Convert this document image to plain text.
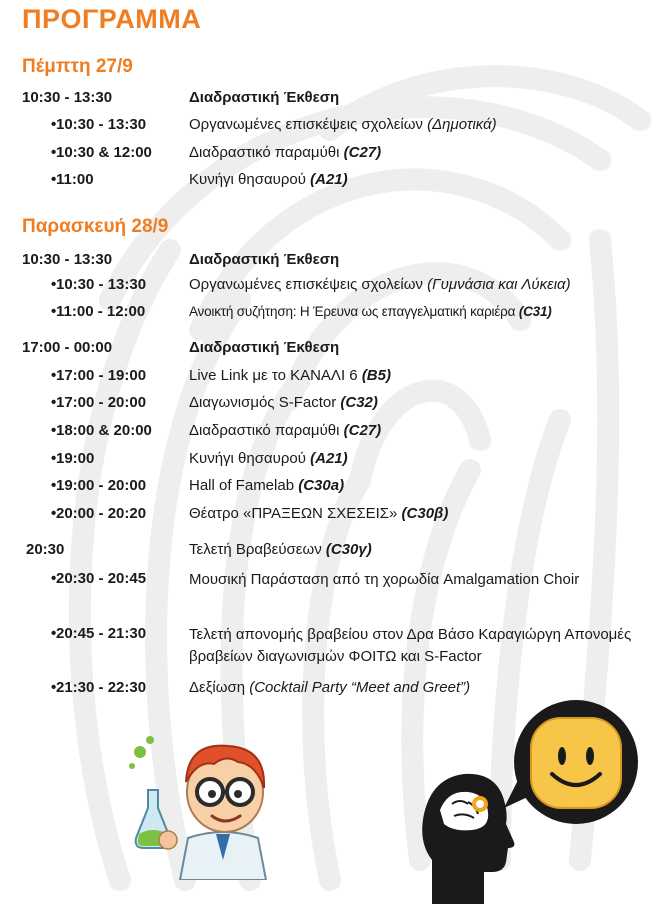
ΠΡΟΓΡΑΜΜΑ
Πέμπτη 27/9
10:30 - 13:30	Διαδραστική Έκθεση
• 10:30 - 13:30	Οργανωμένες επισκέψεις σχολείων (Δημοτικά)
• 10:30 & 12:00 Διαδραστικό παραμύθι (C27)
• 11:00	Κυνήγι θησαυρού (A21)
Παρασκευή 28/9
10:30 - 13:30	Διαδραστική Έκθεση
• 10:30 - 13:30	Οργανωμένες επισκέψεις σχολείων (Γυμνάσια και Λύκεια)
• 11:00 - 12:00	Ανοικτή συζήτηση: Η Έρευνα ως επαγγελματική καριέρα (C31)
17:00 - 00:00	Διαδραστική Έκθεση
• 17:00 - 19:00	Live Link με το ΚΑΝΑΛΙ 6 (B5)
• 17:00 - 20:00	Διαγωνισμός S-Factor (C32)
• 18:00 & 20:00 Διαδραστικό παραμύθι (C27)
• 19:00	Κυνήγι θησαυρού (A21)
• 19:00 - 20:00	Hall of Famelab (C30a)
• 20:00 - 20:20	Θέατρο «ΠΡΑΞΕΩΝ ΣΧΕΣΕΙΣ» (C30β)
20:30	Τελετή Βραβεύσεων (C30γ)
• 20:30 - 20:45	Μουσική Παράσταση από τη χορωδία Amalgamation Choir
• 20:45 - 21:30	Τελετή απονομής βραβείου στον Δρα Βάσο Καραγιώργη Απονομές βραβείων διαγωνισμών ΦΟΙΤΩ και S-Factor
• 21:30 - 22:30	Δεξίωση (Cocktail Party “Meet and Greet”)
